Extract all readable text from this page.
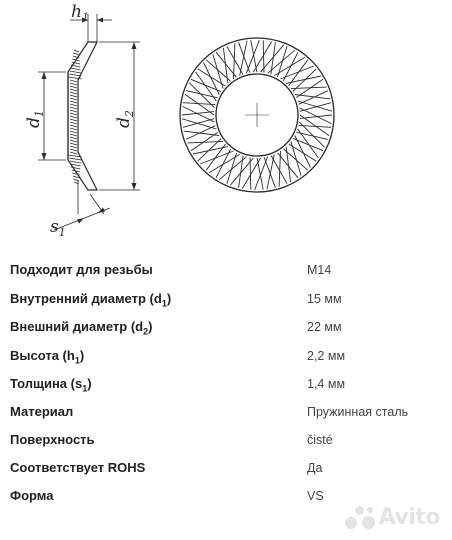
$h_1$
$d_1$
$d_2$
$s_1$
Подходит для резьбы	M14
Внутренний диаметр $(d_1)$	15 мм
Внешний диаметр $(d_2)$	22 мм
Высота $(h_1)$	2,2 мм
Толщина $(s_1)$	1,4 мм
Материал	Пружинная сталь
Поверхность	čisté
Соответствует ROHS	Да
Форма	VS
Avito
